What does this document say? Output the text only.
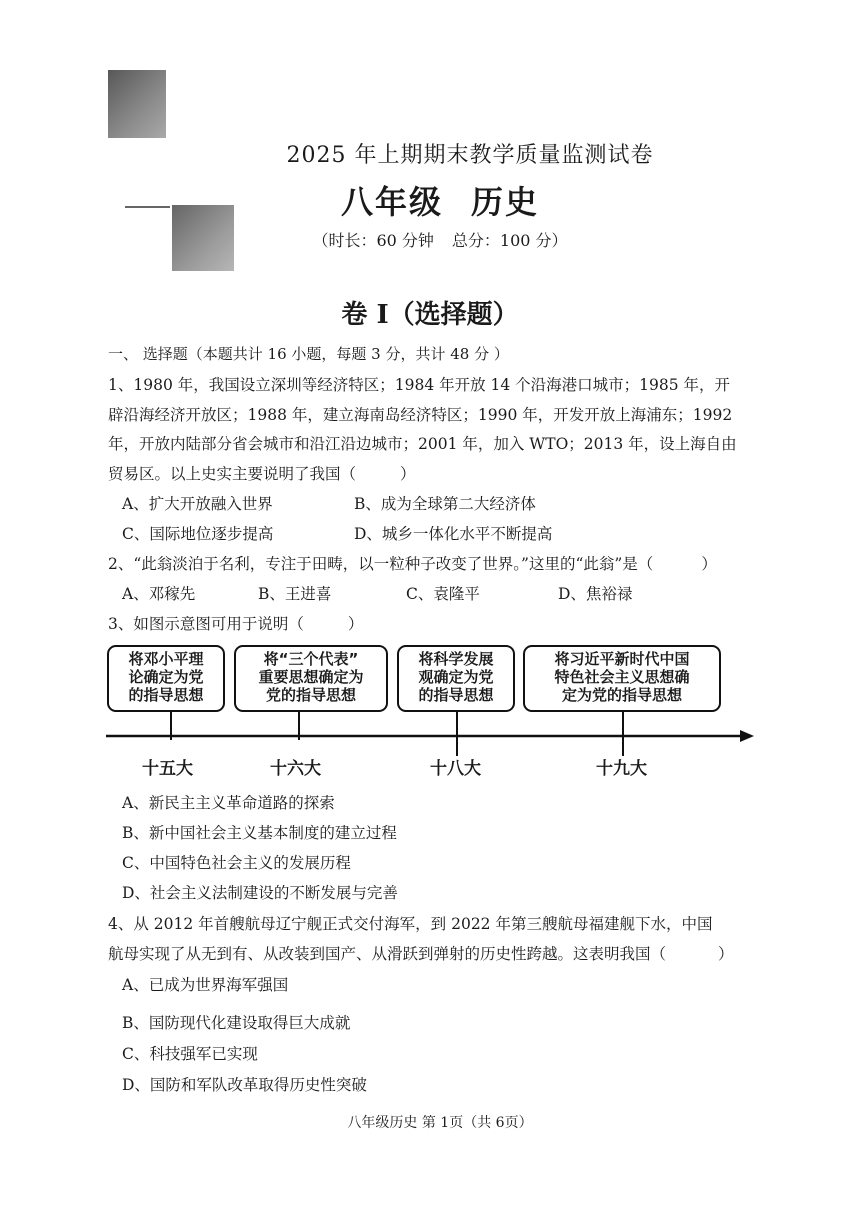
2025 年上期期末教学质量监测试卷
八年级 历史
（时长：60 分钟 总分：100 分）
卷 I（选择题）
一、 选择题（本题共计 16 小题，每题 3 分，共计 48 分 ）
1、1980 年，我国设立深圳等经济特区；1984 年开放 14 个沿海港口城市；1985 年，开
辟沿海经济开放区；1988 年，建立海南岛经济特区；1990 年，开发开放上海浦东；1992
年，开放内陆部分省会城市和沿江沿边城市；2001 年，加入 WTO；2013 年，设上海自由
贸易区。以上史实主要说明了我国（	）
A、扩大开放融入世界	B、成为全球第二大经济体
C、国际地位逐步提高	D、城乡一体化水平不断提高
2、“此翁淡泊于名利，专注于田畴，以一粒种子改变了世界。”这里的“此翁”是（	）
A、邓稼先	B、王进喜	C、袁隆平	D、焦裕禄
3、如图示意图可用于说明（	）
将邓小平理
论确定为党
的指导思想
将“三个代表”
重要思想确定为
党的指导思想
将科学发展
观确定为党
的指导思想
将习近平新时代中国
特色社会主义思想确
定为党的指导思想
十五大	十六大	十八大	十九大
A、新民主主义革命道路的探索
B、新中国社会主义基本制度的建立过程
C、中国特色社会主义的发展历程
D、社会主义法制建设的不断发展与完善
4、从 2012 年首艘航母辽宁舰正式交付海军，到 2022 年第三艘航母福建舰下水，中国
航母实现了从无到有、从改装到国产、从滑跃到弹射的历史性跨越。这表明我国（	）
A、已成为世界海军强国
B、国防现代化建设取得巨大成就
C、科技强军已实现
D、国防和军队改革取得历史性突破
八年级历史 第 1页（共 6页）
